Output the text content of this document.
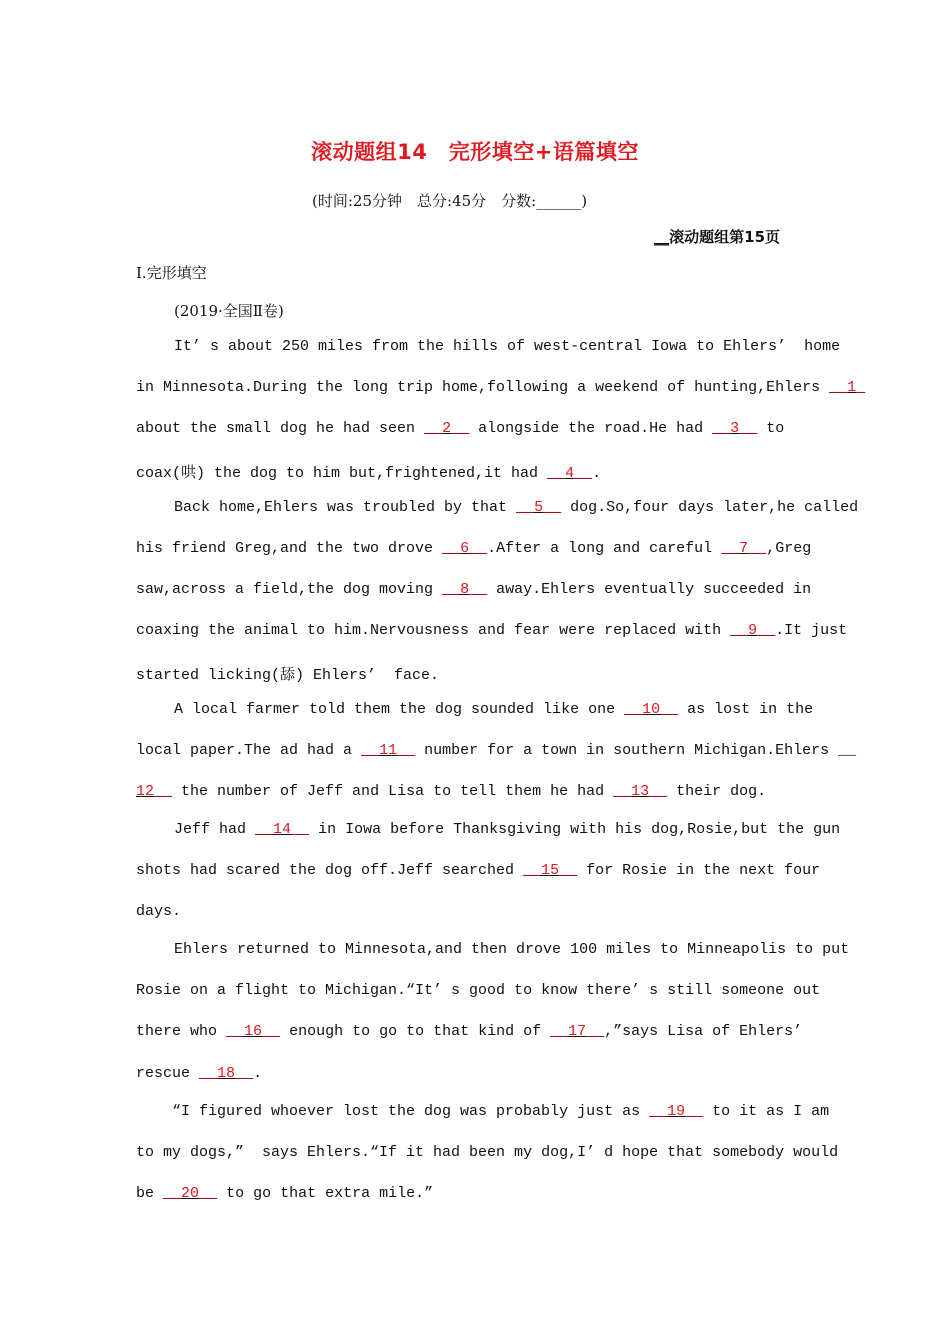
滚动题组14　完形填空+语篇填空
(时间:25分钟　总分:45分　分数:______)
__滚动题组第15页
Ⅰ.完形填空
(2019·全国Ⅱ卷)
It’ s about 250 miles from the hills of west-central Iowa to Ehlers’  home
in Minnesota.During the long trip home,following a weekend of hunting,Ehlers __1_
about the small dog he had seen __2__ alongside the road.He had __3__ to
coax(哄) the dog to him but,frightened,it had __4__.
Back home,Ehlers was troubled by that __5__ dog.So,four days later,he called
his friend Greg,and the two drove __6__.After a long and careful __7__,Greg
saw,across a field,the dog moving __8__ away.Ehlers eventually succeeded in
coaxing the animal to him.Nervousness and fear were replaced with __9__.It just
started licking(舔) Ehlers’  face.
A local farmer told them the dog sounded like one __10__ as lost in the
local paper.The ad had a __11__ number for a town in southern Michigan.Ehlers __
12__ the number of Jeff and Lisa to tell them he had __13__ their dog.
Jeff had __14__ in Iowa before Thanksgiving with his dog,Rosie,but the gun
shots had scared the dog off.Jeff searched __15__ for Rosie in the next four
days.
Ehlers returned to Minnesota,and then drove 100 miles to Minneapolis to put
Rosie on a flight to Michigan.“It’ s good to know there’ s still someone out
there who __16__ enough to go to that kind of __17__,”says Lisa of Ehlers’
rescue __18__.
“I figured whoever lost the dog was probably just as __19__ to it as I am
to my dogs,”  says Ehlers.“If it had been my dog,I’ d hope that somebody would
be __20__ to go that extra mile.”
